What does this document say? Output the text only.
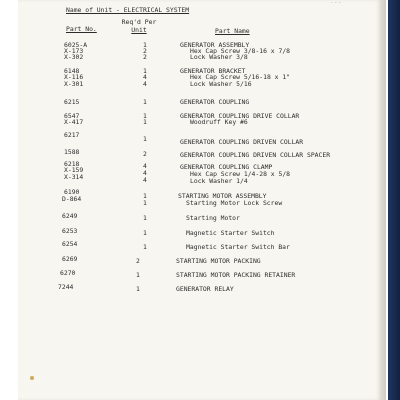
...
Name of Unit - ELECTRICAL SYSTEM
Part No.
Req'd Per
Unit	Part Name
6025-A	1	GENERATOR ASSEMBLY
X-173	2	Hex Cap Screw 3/8-16 x 7/8
X-302	2	Lock Washer 3/8
6148	1	GENERATOR BRACKET
X-116	4	Hex Cap Screw 5/16-18 x 1"
X-301	4	Lock Washer 5/16
6215	1	GENERATOR COUPLING
6547	1	GENERATOR COUPLING DRIVE COLLAR
X-417	1	Woodruff Key #6
6217	1	GENERATOR COUPLING DRIVEN COLLAR
1588	2	GENERATOR COUPLING DRIVEN COLLAR SPACER
6218	4	GENERATOR COUPLING CLAMP
X-159	4	Hex Cap Screw 1/4-28 x 5/8
X-314	4	Lock Washer 1/4
6190	1	STARTING MOTOR ASSEMBLY
D-864	1	Starting Motor Lock Screw
6249	1	Starting Motor
6253	1	Magnetic Starter Switch
6254	1	Magnetic Starter Switch Bar
6269	2	STARTING MOTOR PACKING
6270	1	STARTING MOTOR PACKING RETAINER
7244	1	GENERATOR RELAY
